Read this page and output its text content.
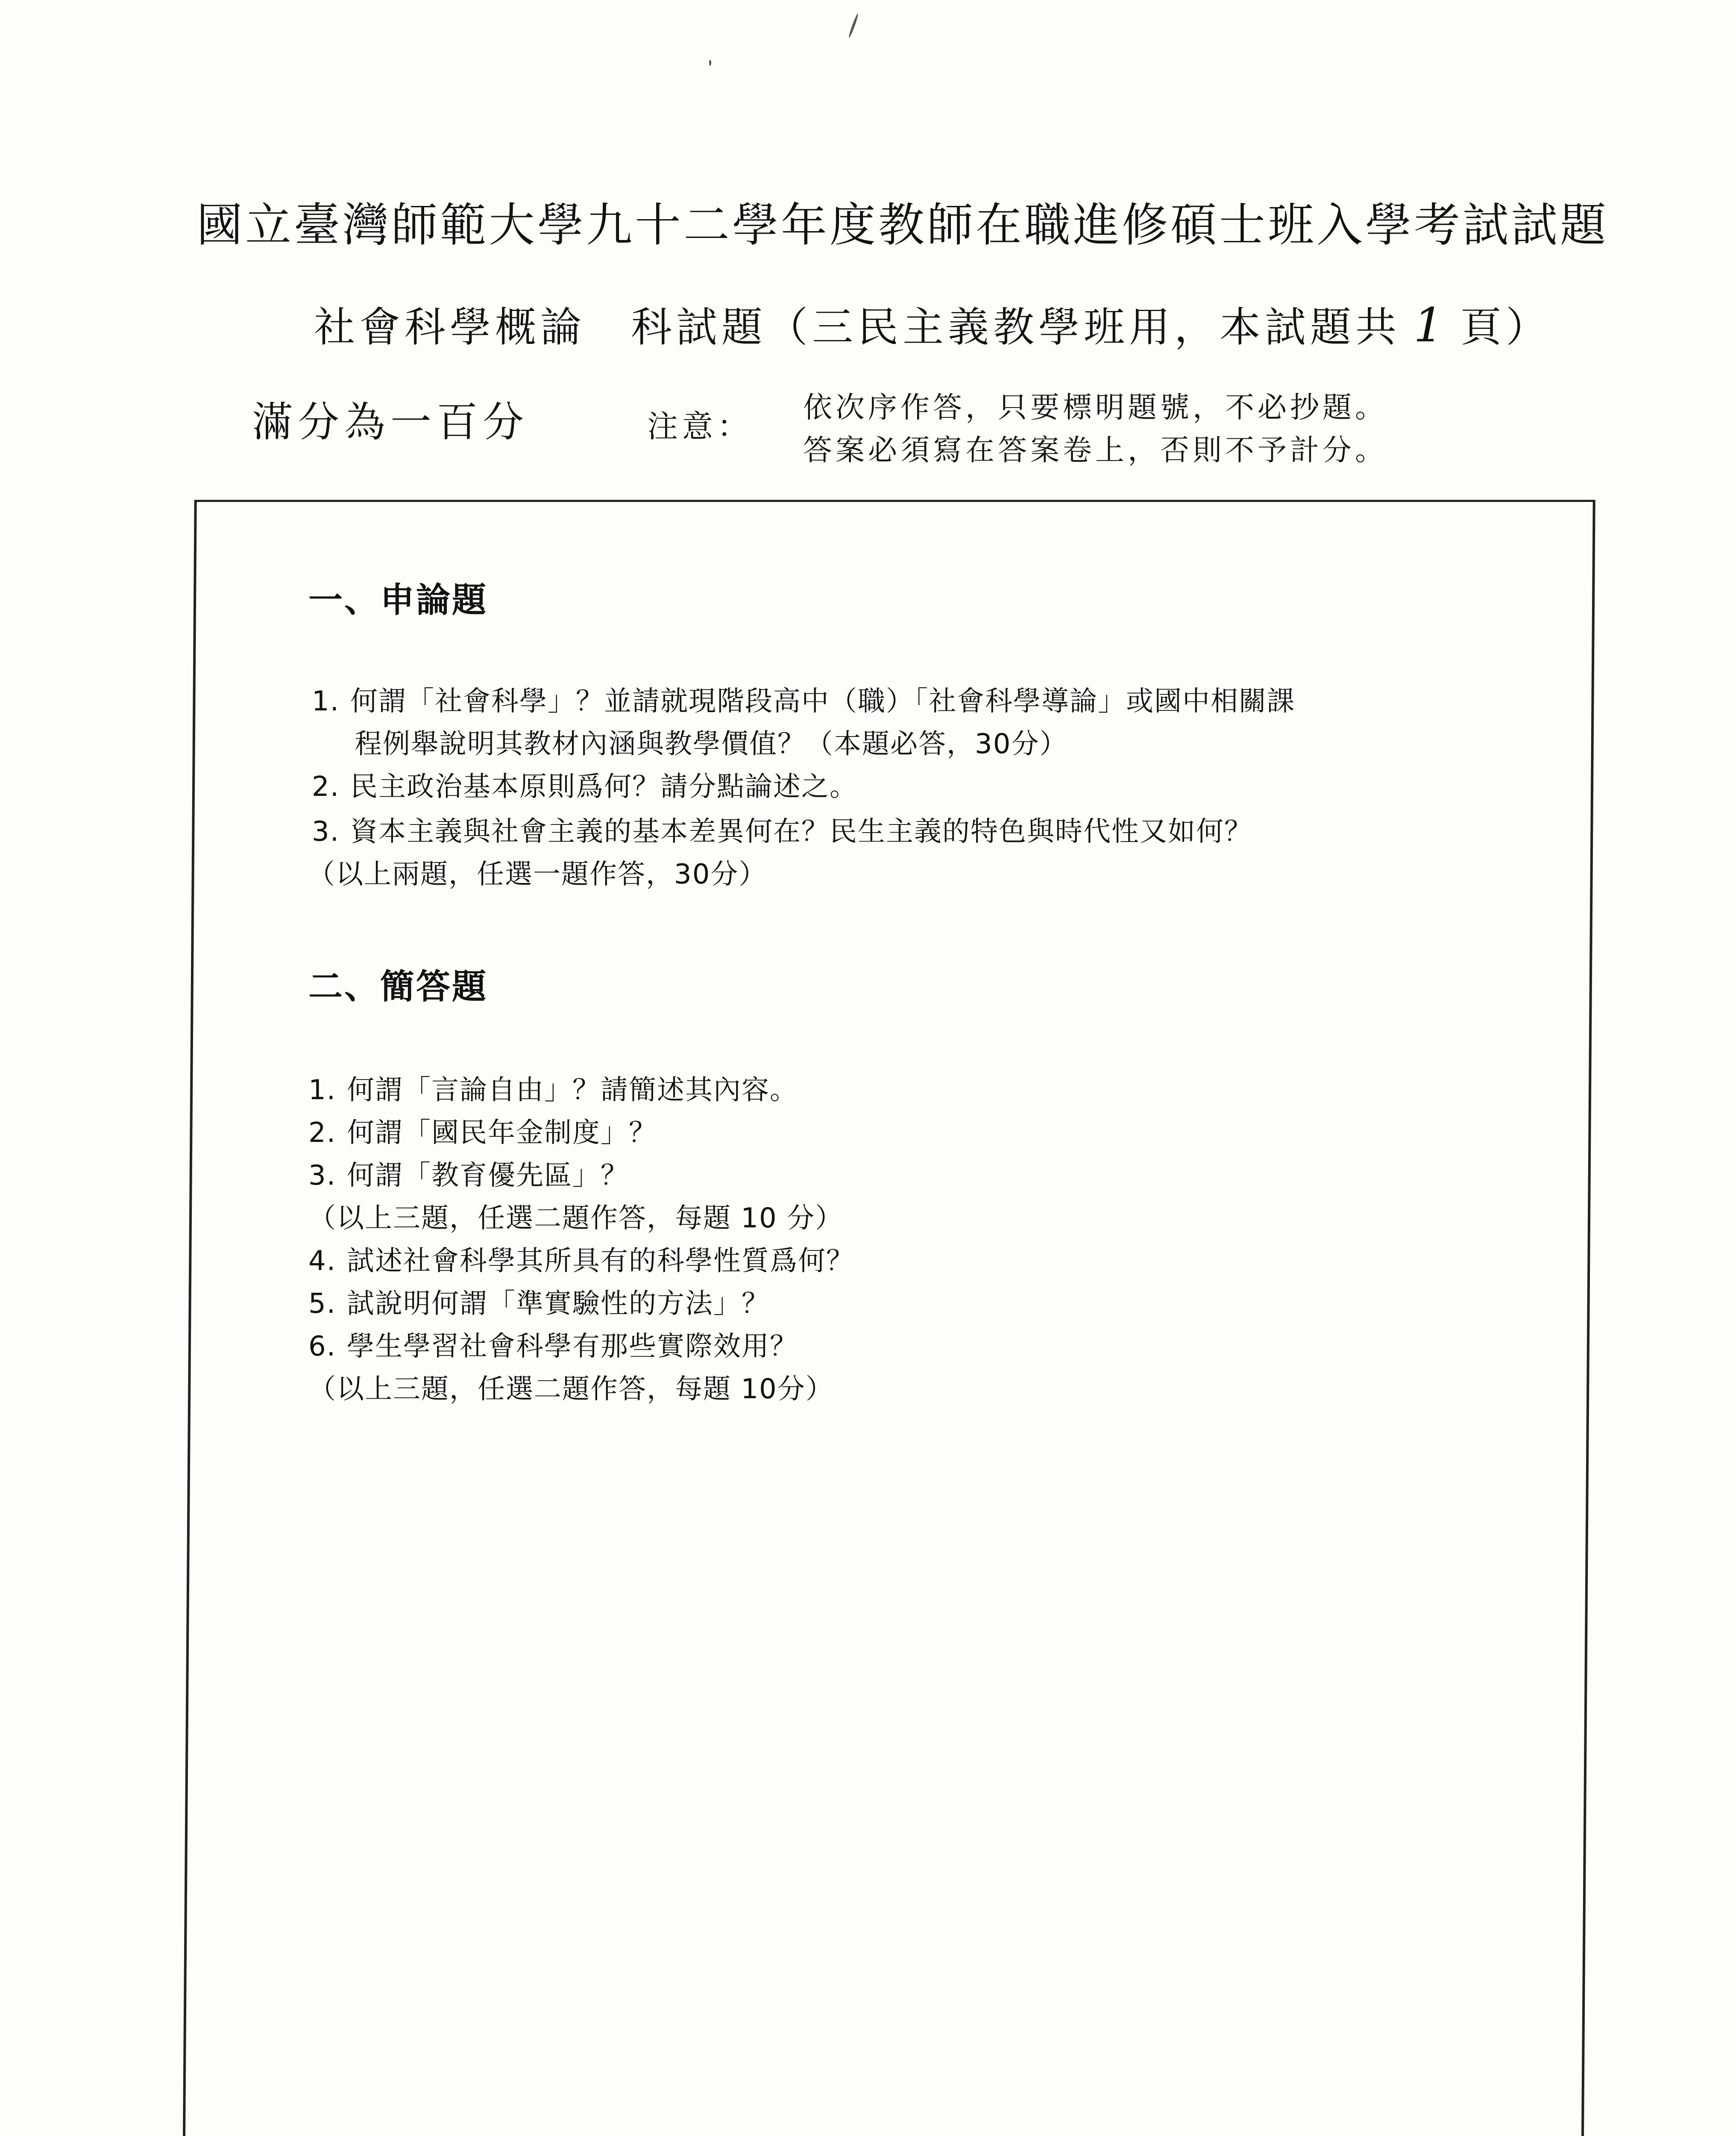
國立臺灣師範大學九十二學年度教師在職進修碩士班入學考試試題
社會科學概論　科試題（三民主義教學班用，本試題共 1 頁）
滿分為一百分	注意：
依次序作答，只要標明題號，不必抄題。
答案必須寫在答案卷上，否則不予計分。
一、申論題
1. 何謂「社會科學」？並請就現階段高中（職）「社會科學導論」或國中相關課
程例舉說明其教材內涵與教學價值？（本題必答，30分）
2. 民主政治基本原則爲何？請分點論述之。
3. 資本主義與社會主義的基本差異何在？民生主義的特色與時代性又如何？
（以上兩題，任選一題作答，30分）
二、簡答題
1. 何謂「言論自由」？請簡述其內容。
2. 何謂「國民年金制度」？
3. 何謂「教育優先區」？
（以上三題，任選二題作答，每題 10 分）
4. 試述社會科學其所具有的科學性質爲何？
5. 試說明何謂「準實驗性的方法」？
6. 學生學習社會科學有那些實際效用？
（以上三題，任選二題作答，每題 10分）
